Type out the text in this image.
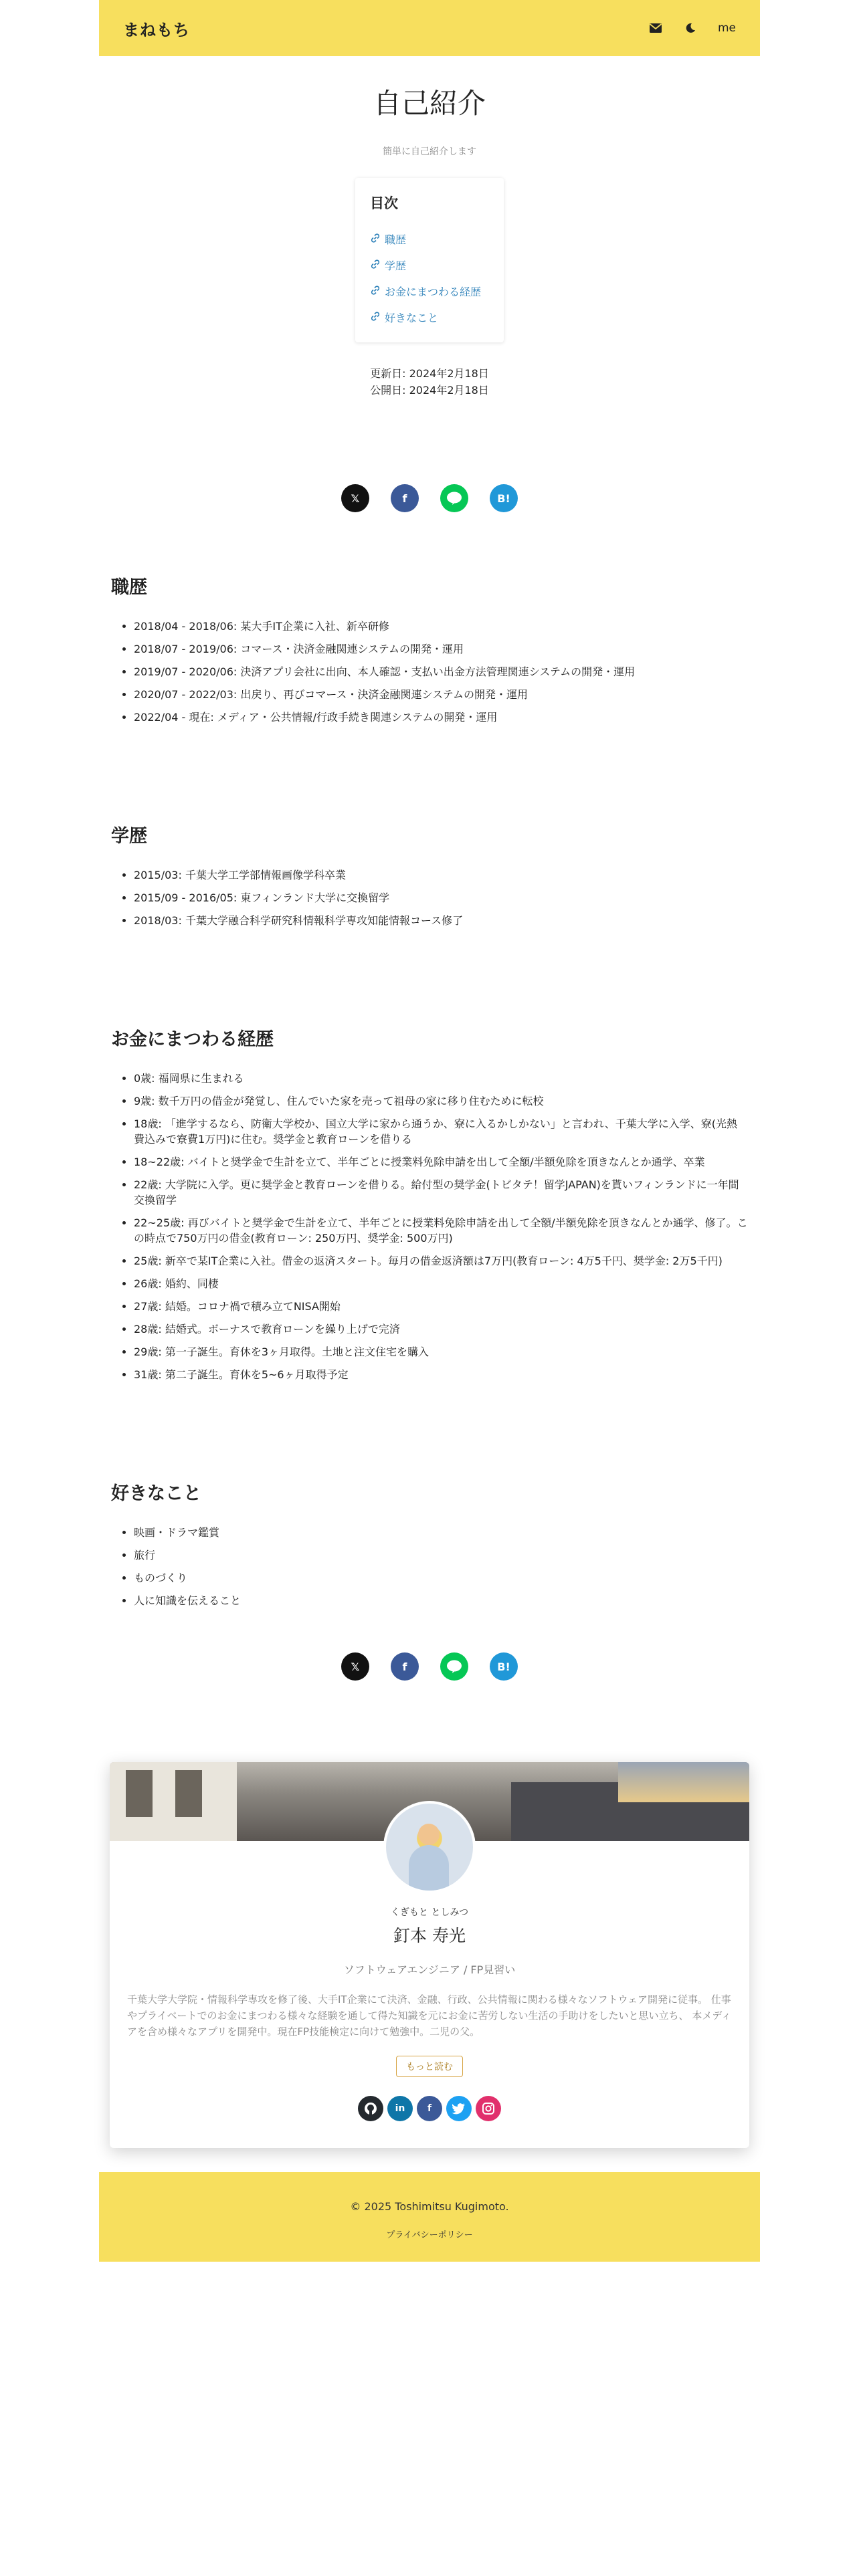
まねもち	me
自己紹介
簡単に自己紹介します
目次
職歴
学歴
お金にまつわる経歴
好きなこと
更新日: 2024年2月18日
公開日: 2024年2月18日
𝕏	f	B!
職歴
• 2018/04 - 2018/06: 某大手IT企業に入社、新卒研修
• 2018/07 - 2019/06: コマース・決済金融関連システムの開発・運用
• 2019/07 - 2020/06: 決済アプリ会社に出向、本人確認・支払い出金方法管理関連システムの開発・運用
• 2020/07 - 2022/03: 出戻り、再びコマース・決済金融関連システムの開発・運用
• 2022/04 - 現在: メディア・公共情報/行政手続き関連システムの開発・運用
学歴
• 2015/03: 千葉大学工学部情報画像学科卒業
• 2015/09 - 2016/05: 東フィンランド大学に交換留学
• 2018/03: 千葉大学融合科学研究科情報科学専攻知能情報コース修了
お金にまつわる経歴
• 0歳: 福岡県に生まれる
• 9歳: 数千万円の借金が発覚し、住んでいた家を売って祖母の家に移り住むために転校
• 18歳: 「進学するなら、防衛大学校か、国立大学に家から通うか、寮に入るかしかない」と言われ、千葉大学に入学、寮(光熱費込みで寮費1万円)に住む。奨学金と教育ローンを借りる
• 18~22歳: バイトと奨学金で生計を立て、半年ごとに授業料免除申請を出して全額/半額免除を頂きなんとか通学、卒業
• 22歳: 大学院に入学。更に奨学金と教育ローンを借りる。給付型の奨学金(トビタテ！留学JAPAN)を貰いフィンランドに一年間交換留学
• 22~25歳: 再びバイトと奨学金で生計を立て、半年ごとに授業料免除申請を出して全額/半額免除を頂きなんとか通学、修了。この時点で750万円の借金(教育ローン: 250万円、奨学金: 500万円)
• 25歳: 新卒で某IT企業に入社。借金の返済スタート。毎月の借金返済額は7万円(教育ローン: 4万5千円、奨学金: 2万5千円)
• 26歳: 婚約、同棲
• 27歳: 結婚。コロナ禍で積み立てNISA開始
• 28歳: 結婚式。ボーナスで教育ローンを繰り上げで完済
• 29歳: 第一子誕生。育休を3ヶ月取得。土地と注文住宅を購入
• 31歳: 第二子誕生。育休を5~6ヶ月取得予定
好きなこと
• 映画・ドラマ鑑賞
• 旅行
• ものづくり
• 人に知識を伝えること
𝕏	f	B!
くぎもと としみつ
釘本 寿光
ソフトウェアエンジニア / FP見習い
千葉大学大学院・情報科学専攻を修了後、大手IT企業にて決済、金融、行政、公共情報に関わる様々なソフトウェア開発に従事。 仕事やプライベートでのお金にまつわる様々な経験を通して得た知識を元にお金に苦労しない生活の手助けをしたいと思い立ち、 本メディアを含め様々なアプリを開発中。現在FP技能検定に向けて勉強中。二児の父。
もっと読む
in	f
© 2025 Toshimitsu Kugimoto.
プライバシーポリシー
